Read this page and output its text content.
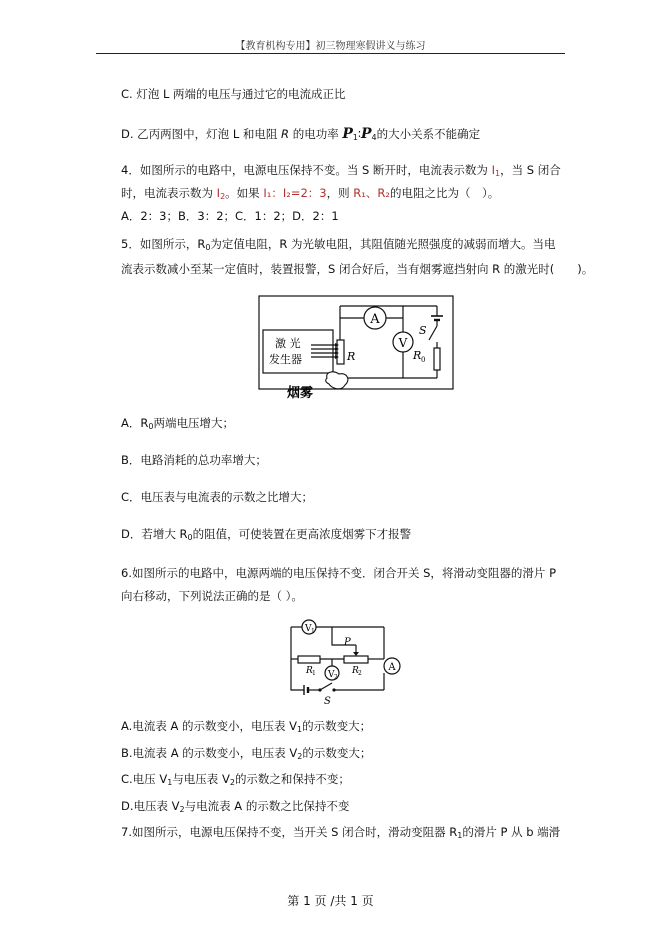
【教育机构专用】初三物理寒假讲义与练习
C. 灯泡 L 两端的电压与通过它的电流成正比
D. 乙丙两图中，灯泡 L 和电阻 R 的电功率 $P_1∶P_4$的大小关系不能确定
4．如图所示的电路中，电源电压保持不变。当 S 断开时，电流表示数为 $I_1$，当 S 闭合
时，电流表示数为 $I_2$。如果 I₁：I₂=2：3，则 R₁、R₂的电阻之比为（　）。
A．2：3；B．3：2；C．1：2；D．2：1
5．如图所示，$R_0$为定值电阻，R 为光敏电阻，其阻值随光照强度的减弱而增大。当电
流表示数减小至某一定值时，装置报警，S 闭合好后，当有烟雾遮挡射向 R 的激光时(　　)。
A
V
激 光
发生器	R	R 0
S
烟雾
A．$R_0$两端电压增大；
B．电路消耗的总功率增大；
C．电压表与电流表的示数之比增大；
D．若增大 $R_0$的阻值，可使装置在更高浓度烟雾下才报警
6.如图所示的电路中，电源两端的电压保持不变．闭合开关 S，将滑动变阻器的滑片 P
向右移动，下列说法正确的是（ ）。
V 1
V 2
A
P
R 1	R 2
S
A.电流表 A 的示数变小，电压表 $V_1$的示数变大；
B.电流表 A 的示数变小，电压表 $V_2$的示数变大；
C.电压 $V_1$与电压表 $V_2$的示数之和保持不变；
D.电压表 $V_2$与电流表 A 的示数之比保持不变
7.如图所示，电源电压保持不变，当开关 S 闭合时，滑动变阻器 $R_1$的滑片 P 从 b 端滑
第 1 页 /共 1 页
